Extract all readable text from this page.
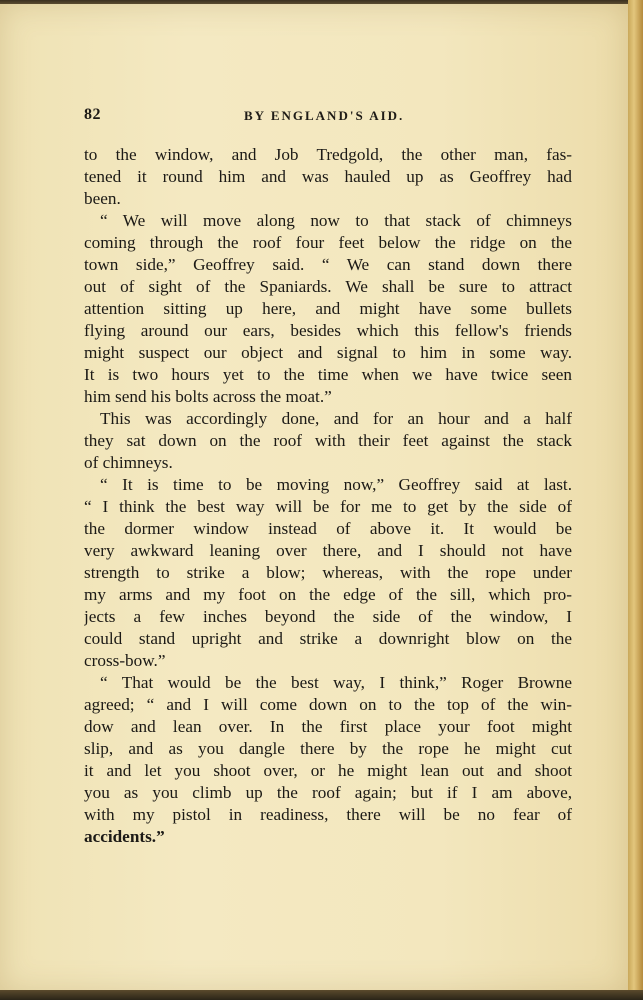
82	BY ENGLAND'S AID.
to the window, and Job Tredgold, the other man, fas-
tened it round him and was hauled up as Geoffrey had
been.
“ We will move along now to that stack of chimneys
coming through the roof four feet below the ridge on the
town side,” Geoffrey said. “ We can stand down there
out of sight of the Spaniards. We shall be sure to attract
attention sitting up here, and might have some bullets
flying around our ears, besides which this fellow's friends
might suspect our object and signal to him in some way.
It is two hours yet to the time when we have twice seen
him send his bolts across the moat.”
This was accordingly done, and for an hour and a half
they sat down on the roof with their feet against the stack
of chimneys.
“ It is time to be moving now,” Geoffrey said at last.
“ I think the best way will be for me to get by the side of
the dormer window instead of above it. It would be
very awkward leaning over there, and I should not have
strength to strike a blow; whereas, with the rope under
my arms and my foot on the edge of the sill, which pro-
jects a few inches beyond the side of the window, I
could stand upright and strike a downright blow on the
cross-bow.”
“ That would be the best way, I think,” Roger Browne
agreed; “ and I will come down on to the top of the win-
dow and lean over. In the first place your foot might
slip, and as you dangle there by the rope he might cut
it and let you shoot over, or he might lean out and shoot
you as you climb up the roof again; but if I am above,
with my pistol in readiness, there will be no fear of
accidents.”
